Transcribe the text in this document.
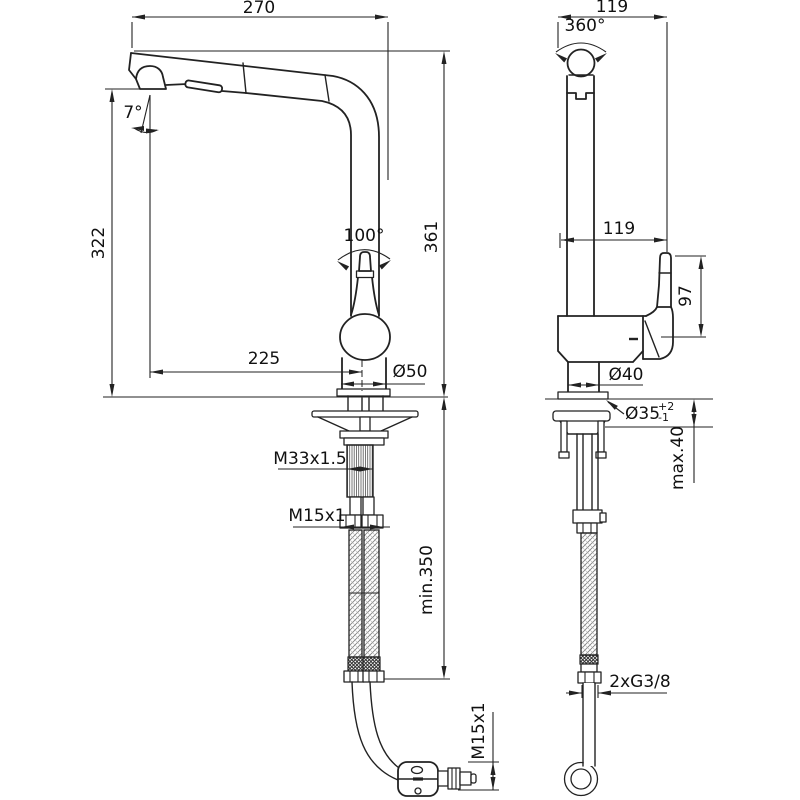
270
361
322
min.350
225
7°
100°
Ø50
M33x1.5
M15x1
M15x1
119
360°
119
97
Ø40
Ø35
+2
-1
max.40
2xG3/8
